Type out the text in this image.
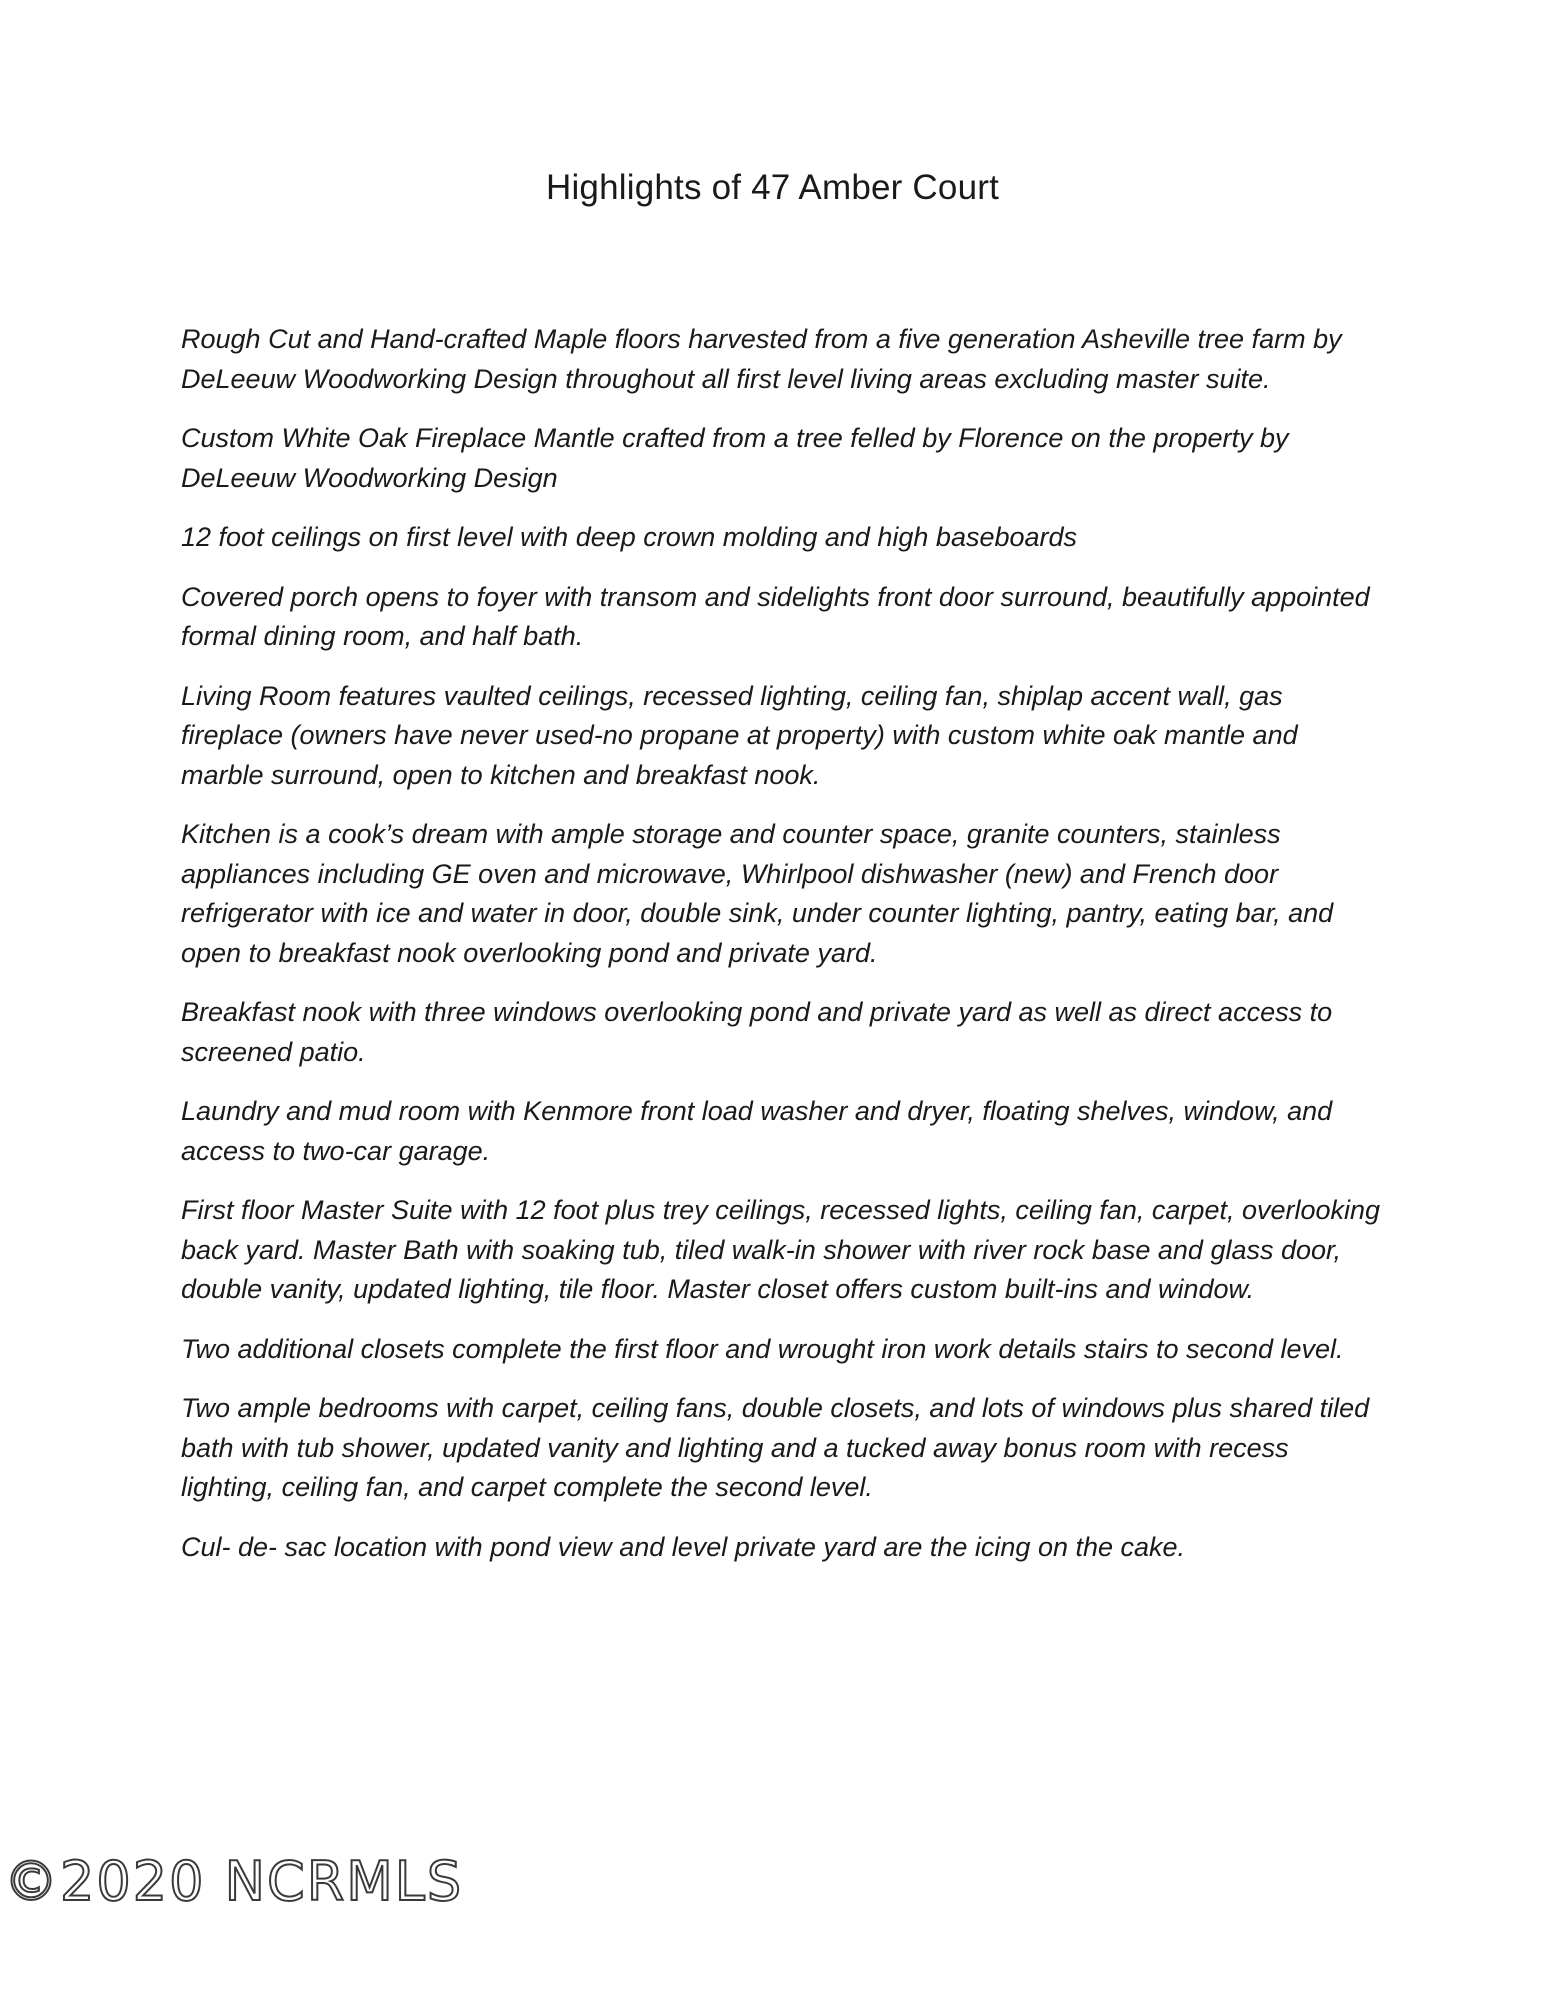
Highlights of 47 Amber Court

Rough Cut and Hand-crafted Maple floors harvested from a five generation Asheville tree farm by DeLeeuw Woodworking Design throughout all first level living areas excluding master suite.

Custom White Oak Fireplace Mantle crafted from a tree felled by Florence on the property by DeLeeuw Woodworking Design

12 foot ceilings on first level with deep crown molding and high baseboards

Covered porch opens to foyer with transom and sidelights front door surround, beautifully appointed formal dining room, and half bath.

Living Room features vaulted ceilings, recessed lighting, ceiling fan, shiplap accent wall, gas fireplace (owners have never used-no propane at property) with custom white oak mantle and marble surround, open to kitchen and breakfast nook.

Kitchen is a cook’s dream with ample storage and counter space, granite counters, stainless appliances including GE oven and microwave, Whirlpool dishwasher (new) and French door refrigerator with ice and water in door, double sink, under counter lighting, pantry, eating bar, and open to breakfast nook overlooking pond and private yard.

Breakfast nook with three windows overlooking pond and private yard as well as direct access to screened patio.

Laundry and mud room with Kenmore front load washer and dryer, floating shelves, window, and access to two-car garage.

First floor Master Suite with 12 foot plus trey ceilings, recessed lights, ceiling fan, carpet, overlooking back yard. Master Bath with soaking tub, tiled walk-in shower with river rock base and glass door, double vanity, updated lighting, tile floor. Master closet offers custom built-ins and window.

Two additional closets complete the first floor and wrought iron work details stairs to second level.

Two ample bedrooms with carpet, ceiling fans, double closets, and lots of windows plus shared tiled bath with tub shower, updated vanity and lighting and a tucked away bonus room with recess lighting, ceiling fan, and carpet complete the second level.

Cul- de- sac location with pond view and level private yard are the icing on the cake.

©2020 NCRMLS
